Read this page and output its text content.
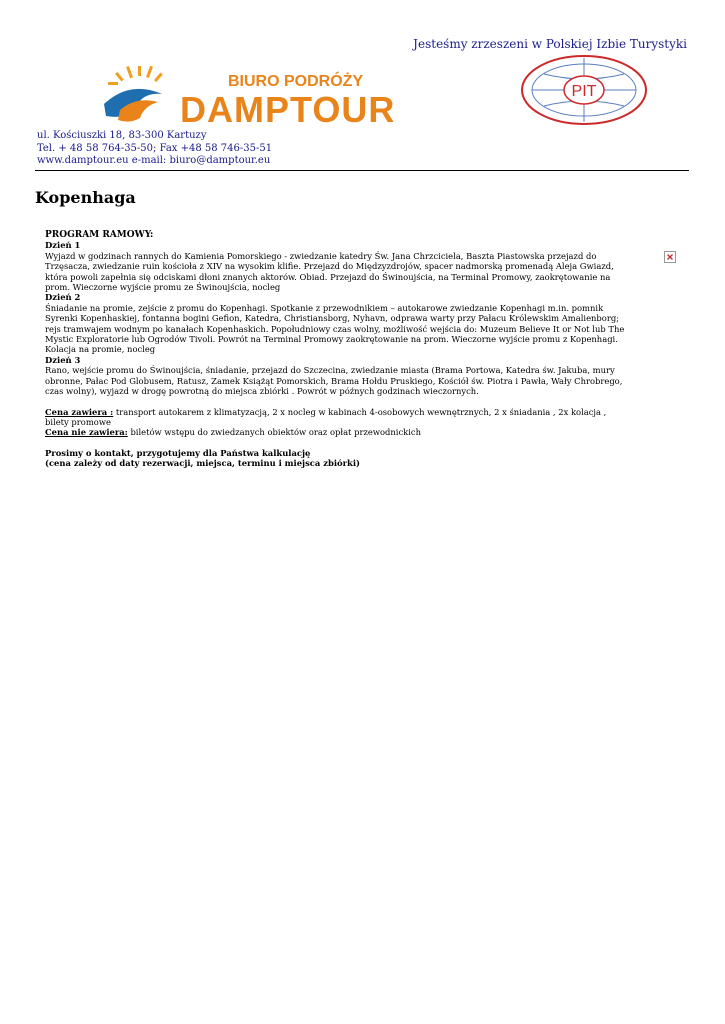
Jesteśmy zrzeszeni w Polskiej Izbie Turystyki
BIURO PODRÓŻY
DAMPTOUR	PIT
ul. Kościuszki 18, 83-300 Kartuzy
Tel. + 48 58 764-35-50; Fax +48 58 746-35-51
www.damptour.eu e-mail: biuro@damptour.eu
Kopenhaga

PROGRAM RAMOWY:

Dzień 1

Wyjazd w godzinach rannych do Kamienia Pomorskiego - zwiedzanie katedry Św. Jana Chrzciciela, Baszta Piastowska przejazd do Trzęsacza, zwiedzanie ruin kościoła z XIV na wysokim klifie. Przejazd do Międzyzdrojów, spacer nadmorską promenadą Aleja Gwiazd, która powoli zapełnia się odciskami dłoni znanych aktorów. Obiad. Przejazd do Świnoujścia, na Terminal Promowy, zaokrętowanie na prom. Wieczorne wyjście promu ze Świnoujścia, nocleg

Dzień 2

Śniadanie na promie, zejście z promu do Kopenhagi. Spotkanie z przewodnikiem – autokarowe zwiedzanie Kopenhagi m.in. pomnik Syrenki Kopenhaskiej, fontanna bogini Gefion, Katedra, Christiansborg, Nyhavn, odprawa warty przy Pałacu Królewskim Amalienborg; rejs tramwajem wodnym po kanałach Kopenhaskich. Popołudniowy czas wolny, możliwość wejścia do: Muzeum Believe It or Not lub The Mystic Exploratorie lub Ogrodów Tivoli. Powrót na Terminal Promowy zaokrętowanie na prom. Wieczorne wyjście promu z Kopenhagi. Kolacja na promie, nocleg

Dzień 3

Rano, wejście promu do Świnoujścia, śniadanie, przejazd do Szczecina, zwiedzanie miasta (Brama Portowa, Katedra św. Jakuba, mury obronne, Pałac Pod Globusem, Ratusz, Zamek Książąt Pomorskich, Brama Hołdu Pruskiego, Kościół św. Piotra i Pawła, Wały Chrobrego, czas wolny), wyjazd w drogę powrotną do miejsca zbiórki . Powrót w późnych godzinach wieczornych.

Cena zawiera : transport autokarem z klimatyzacją, 2 x nocleg w kabinach 4-osobowych wewnętrznych, 2 x śniadania , 2x kolacja , bilety promowe

Cena nie zawiera: biletów wstępu do zwiedzanych obiektów oraz opłat przewodnickich

Prosimy o kontakt, przygotujemy dla Państwa kalkulację

(cena zależy od daty rezerwacji, miejsca, terminu i miejsca zbiórki)
